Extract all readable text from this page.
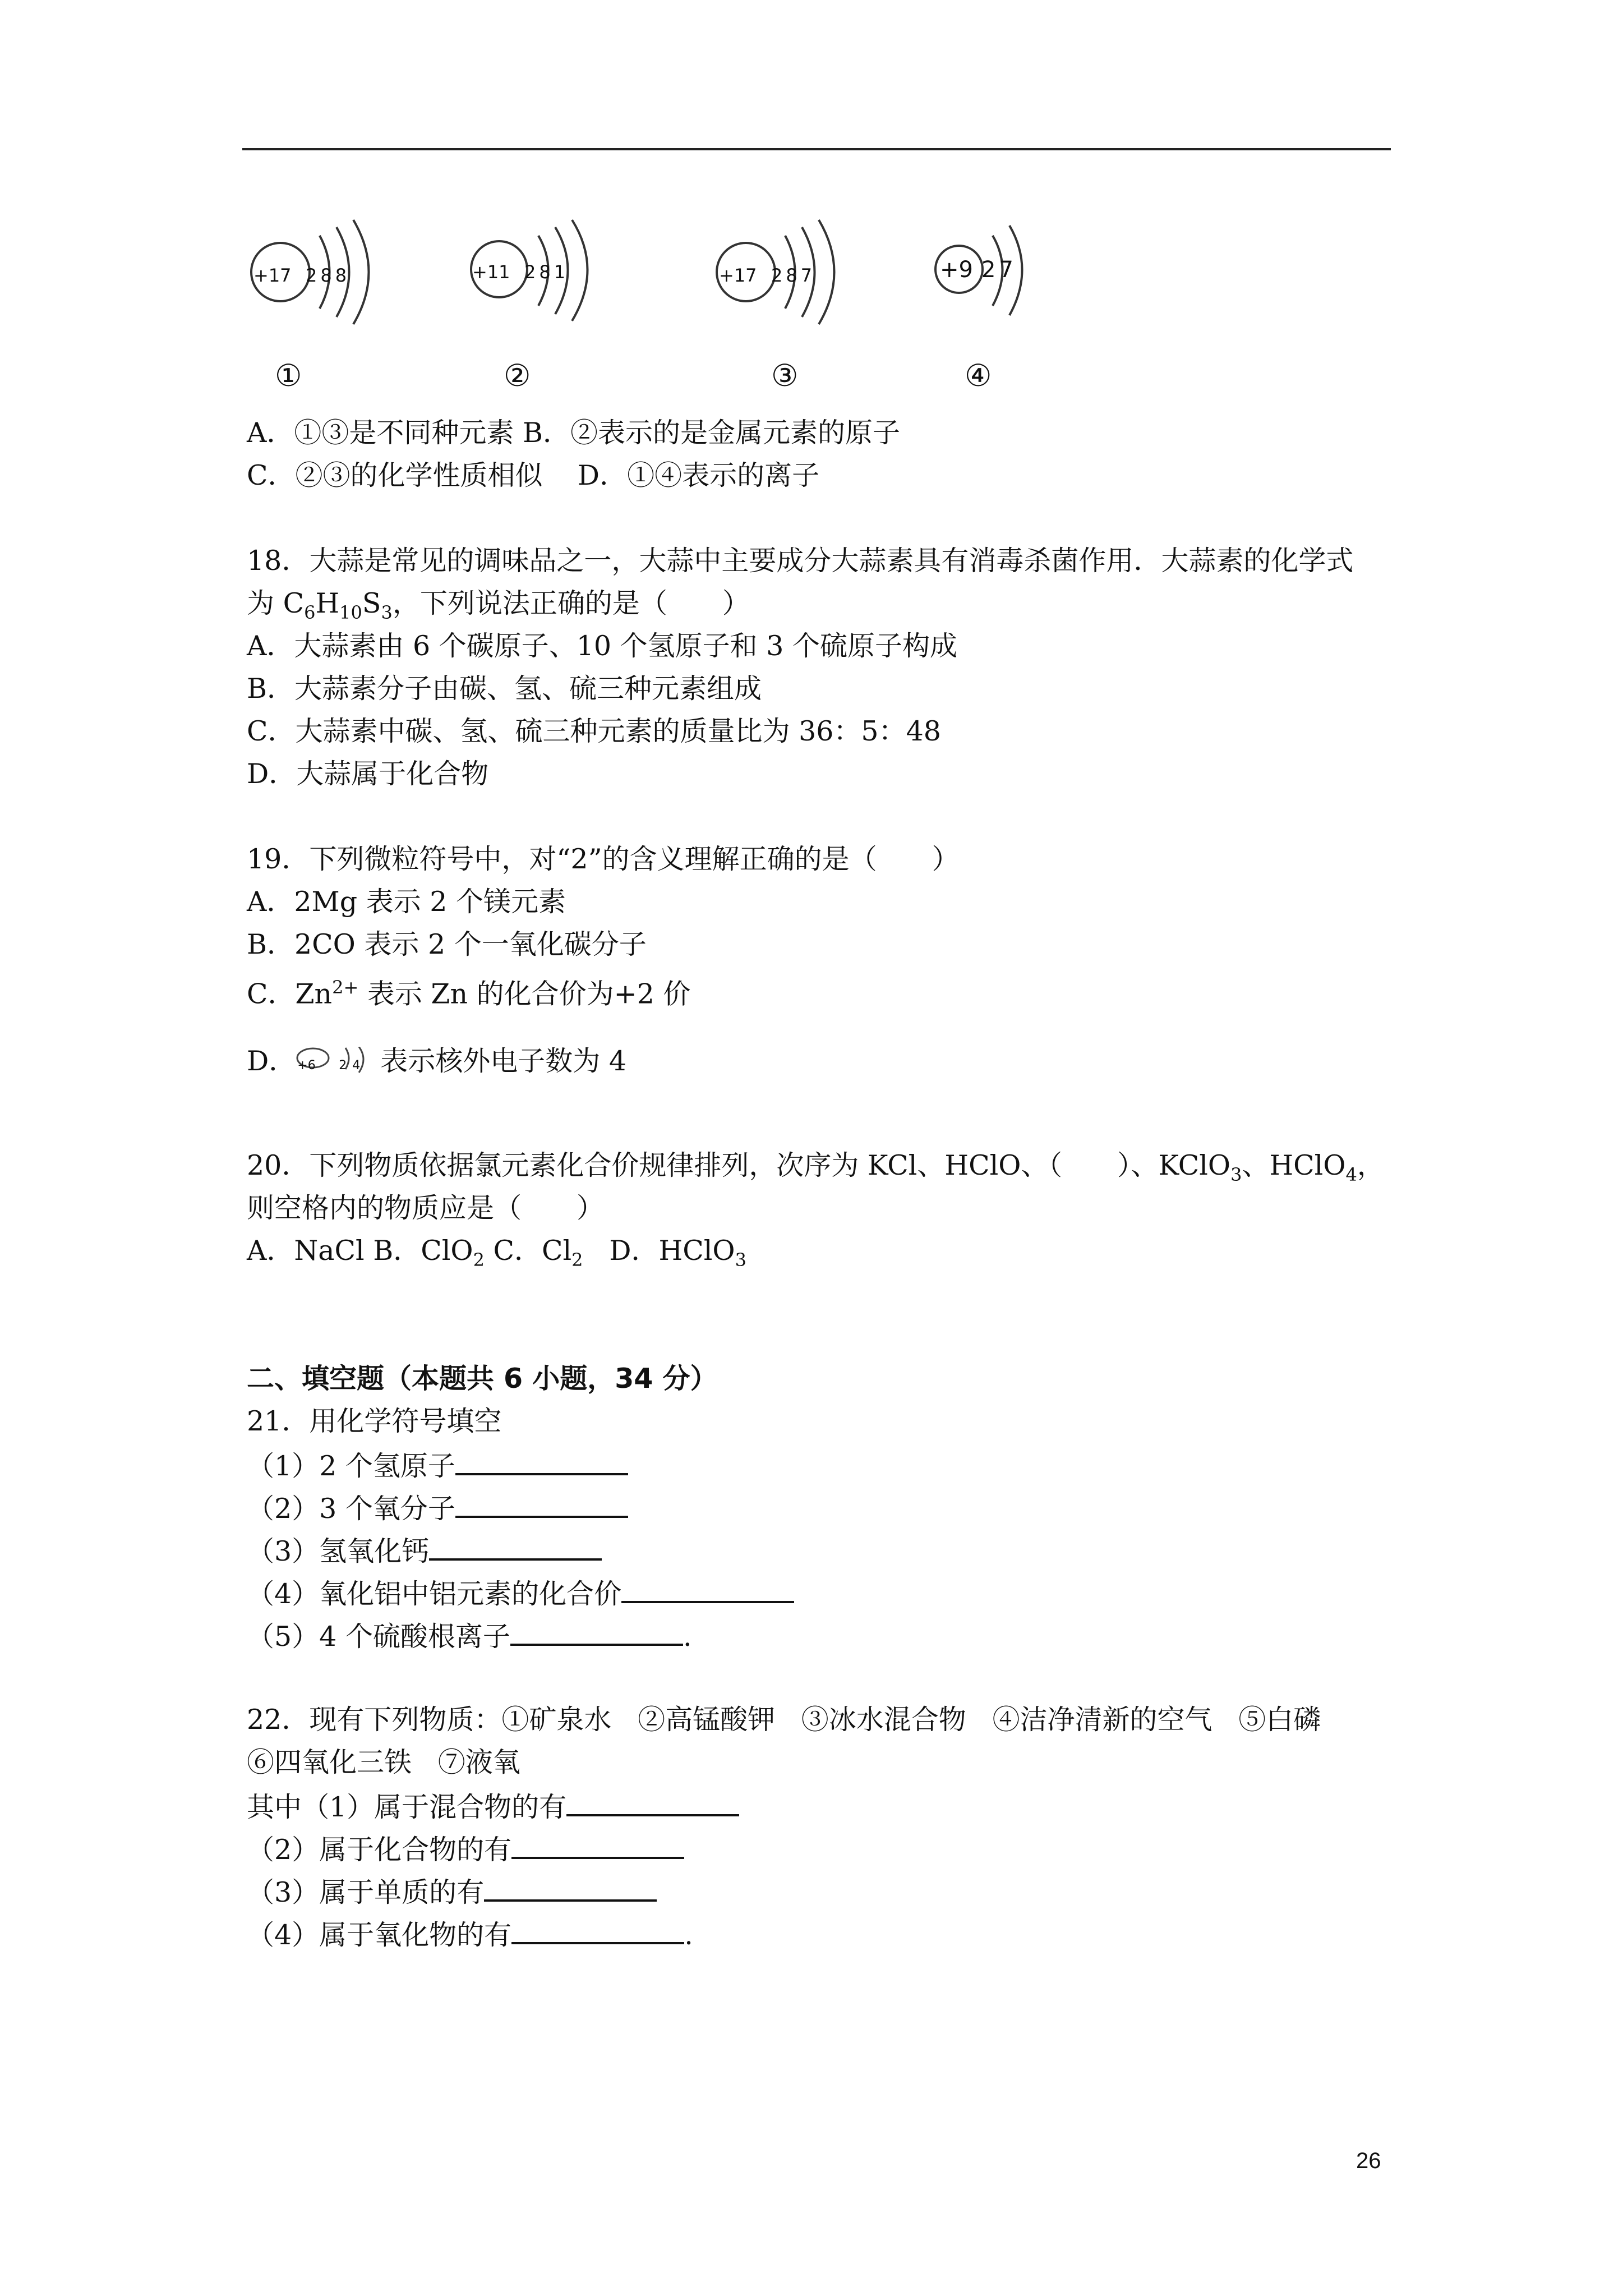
+17 288	+11 281	+17 287	+9 27
①	②	③	④
A．①③是不同种元素 B．②表示的是金属元素的原子
C．②③的化学性质相似    D．①④表示的离子
18．大蒜是常见的调味品之一，大蒜中主要成分大蒜素具有消毒杀菌作用．大蒜素的化学式
为 $C_6H_{10}S_3$，下列说法正确的是（　　）
A．大蒜素由 6 个碳原子、10 个氢原子和 3 个硫原子构成
B．大蒜素分子由碳、氢、硫三种元素组成
C．大蒜素中碳、氢、硫三种元素的质量比为 36：5：48
D．大蒜属于化合物
19．下列微粒符号中，对“2”的含义理解正确的是（　　）
A．2Mg 表示 2 个镁元素
B．2CO 表示 2 个一氧化碳分子
C．$Zn^{2+}$ 表示 Zn 的化合价为+2 价
D． +6 24 表示核外电子数为 4
20．下列物质依据氯元素化合价规律排列，次序为 KCl、HClO、（　　）、KClO$_3$、HClO$_4$，
则空格内的物质应是（　　）
A．NaCl B．ClO$_2$ C．$Cl_2$   D．HClO$_3$
二、填空题（本题共 6 小题，34 分）
21．用化学符号填空
（1）2 个氢原子
（2）3 个氧分子
（3）氢氧化钙
（4）氧化铝中铝元素的化合价
（5）4 个硫酸根离子	.
22．现有下列物质：①矿泉水   ②高锰酸钾   ③冰水混合物   ④洁净清新的空气   ⑤白磷
⑥四氧化三铁   ⑦液氧
其中（1）属于混合物的有
（2）属于化合物的有
（3）属于单质的有
（4）属于氧化物的有	.
26
